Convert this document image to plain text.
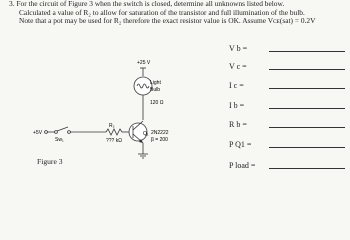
3. For the circuit of Figure 3 when the switch is closed, determine all unknowns listed below.
Calculated a value of R₂ to allow for saturation of the transistor and full illumination of the bulb.
Note that a pot may be used for R₂ therefore the exact resistor value is OK. Assume Vᴄᴇ(sat) = 0.2V
+25 V
Light
Bulb
120 Ω
+5V
Sw₁
R₂
??? kΩ
Q₁ 2N2222
β = 200
Figure 3
V b =
V c =
I c =
I b =
R b =
P Q1 =
P load =
